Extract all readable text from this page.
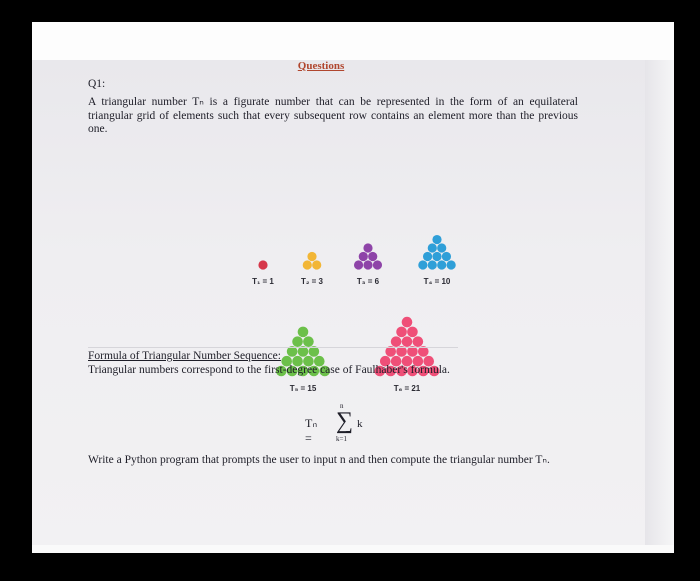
Questions
Q1:
A triangular number Tₙ is a figurate number that can be represented in the form of an equilateral triangular grid of elements such that every subsequent row contains an element more than the previous one.
T₁ = 1	T₂ = 3	T₃ = 6	T₄ = 10
T₅ = 15	T₆ = 21
Formula of Triangular Number Sequence:
Triangular numbers correspond to the first-degree case of Faulhaber's formula.
Tₙ =
n
∑
k=1
k
Write a Python program that prompts the user to input n and then compute the triangular number Tₙ.
